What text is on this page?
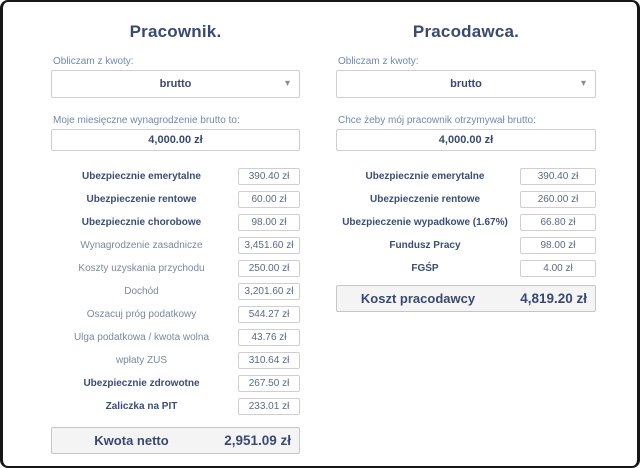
Pracownik.
Obliczam z kwoty:
brutto	▾
Moje miesięczne wynagrodzenie brutto to:
4,000.00 zł
Ubezpiecznie emerytalne	390.40 zł
Ubezpieczenie rentowe	60.00 zł
Ubezpiecznie chorobowe	98.00 zł
Wynagrodzenie zasadnicze	3,451.60 zł
Koszty uzyskania przychodu	250.00 zł
Dochód	3,201.60 zł
Oszacuj próg podatkowy	544.27 zł
Ulga podatkowa / kwota wolna	43.76 zł
wpłaty ZUS	310.64 zł
Ubezpiecznie zdrowotne	267.50 zł
Zaliczka na PIT	233.01 zł
Kwota netto	2,951.09 zł
Pracodawca.
Obliczam z kwoty:
brutto	▾
Chce żeby mój pracownik otrzymywał brutto:
4,000.00 zł
Ubezpiecznie emerytalne	390.40 zł
Ubezpieczenie rentowe	260.00 zł
Ubezpieczenie wypadkowe (1.67%)	66.80 zł
Fundusz Pracy	98.00 zł
FGŚP	4.00 zł
Koszt pracodawcy	4,819.20 zł
